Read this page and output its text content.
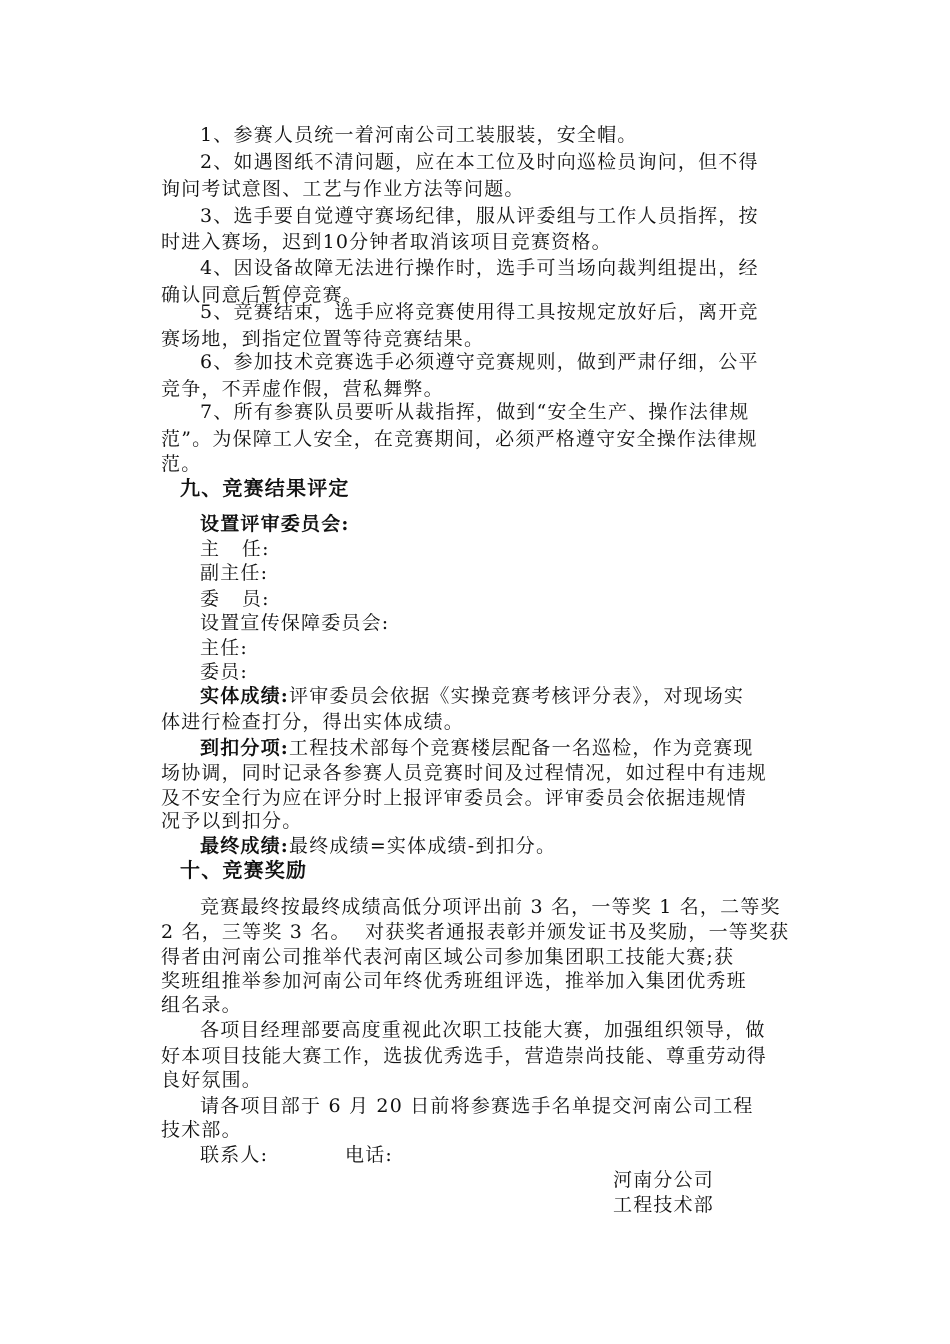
1、参赛人员统一着河南公司工装服装，安全帽。
2、如遇图纸不清问题，应在本工位及时向巡检员询问，但不得
询问考试意图、工艺与作业方法等问题。
3、选手要自觉遵守赛场纪律，服从评委组与工作人员指挥，按
时进入赛场，迟到10分钟者取消该项目竞赛资格。
4、因设备故障无法进行操作时，选手可当场向裁判组提出，经
确认同意后暂停竞赛。
5、竞赛结束，选手应将竞赛使用得工具按规定放好后，离开竞
赛场地，到指定位置等待竞赛结果。
6、参加技术竞赛选手必须遵守竞赛规则，做到严肃仔细，公平
竞争，不弄虚作假，营私舞弊。
7、所有参赛队员要听从裁指挥，做到“安全生产、操作法律规
范”。为保障工人安全，在竞赛期间，必须严格遵守安全操作法律规
范。
九、竞赛结果评定
设置评审委员会:
主   任:
副主任:
委   员:
设置宣传保障委员会:
主任:
委员:
实体成绩:评审委员会依据《实操竞赛考核评分表》，对现场实
体进行检查打分，得出实体成绩。
到扣分项:工程技术部每个竞赛楼层配备一名巡检，作为竞赛现
场协调，同时记录各参赛人员竞赛时间及过程情况，如过程中有违规
及不安全行为应在评分时上报评审委员会。评审委员会依据违规情
况予以到扣分。
最终成绩:最终成绩=实体成绩-到扣分。
十、竞赛奖励
竞赛最终按最终成绩高低分项评出前 3 名，一等奖 1 名，二等奖
2 名，三等奖 3 名。  对获奖者通报表彰并颁发证书及奖励，一等奖获
得者由河南公司推举代表河南区域公司参加集团职工技能大赛;获
奖班组推举参加河南公司年终优秀班组评选，推举加入集团优秀班
组名录。
各项目经理部要高度重视此次职工技能大赛，加强组织领导，做
好本项目技能大赛工作，选拔优秀选手，营造崇尚技能、尊重劳动得
良好氛围。
请各项目部于 6 月 20 日前将参赛选手名单提交河南公司工程
技术部。
联系人:	电话:
河南分公司
工程技术部
